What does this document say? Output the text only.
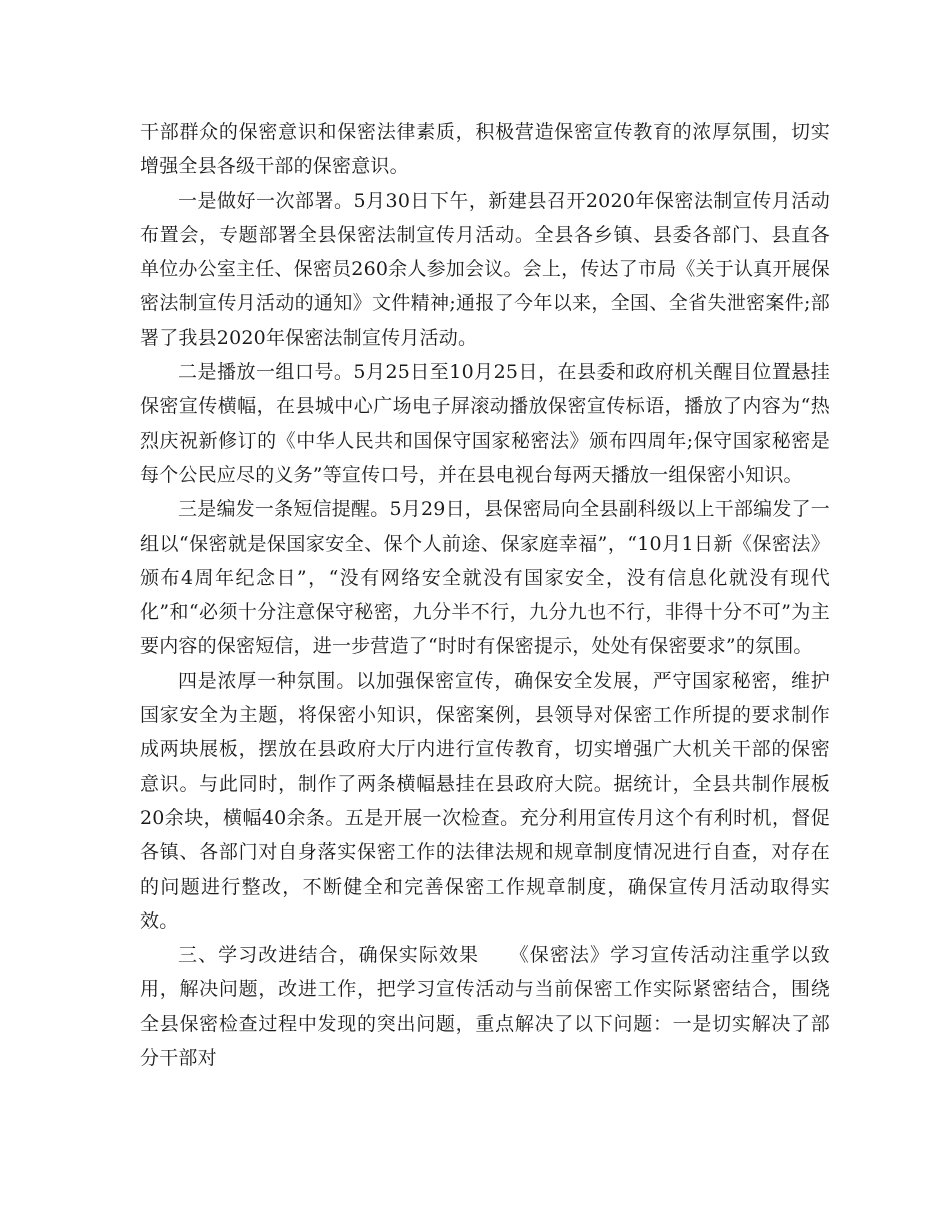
干部群众的保密意识和保密法律素质，积极营造保密宣传教育的浓厚氛围，切实增强全县各级干部的保密意识。

一是做好一次部署。5月30日下午，新建县召开2020年保密法制宣传月活动布置会，专题部署全县保密法制宣传月活动。全县各乡镇、县委各部门、县直各单位办公室主任、保密员260余人参加会议。会上，传达了市局《关于认真开展保密法制宣传月活动的通知》文件精神;通报了今年以来，全国、全省失泄密案件;部署了我县2020年保密法制宣传月活动。

二是播放一组口号。5月25日至10月25日，在县委和政府机关醒目位置悬挂保密宣传横幅，在县城中心广场电子屏滚动播放保密宣传标语，播放了内容为“热烈庆祝新修订的《中华人民共和国保守国家秘密法》颁布四周年;保守国家秘密是每个公民应尽的义务”等宣传口号，并在县电视台每两天播放一组保密小知识。

三是编发一条短信提醒。5月29日，县保密局向全县副科级以上干部编发了一组以“保密就是保国家安全、保个人前途、保家庭幸福”，“10月1日新《保密法》颁布4周年纪念日”，“没有网络安全就没有国家安全，没有信息化就没有现代化”和“必须十分注意保守秘密，九分半不行，九分九也不行，非得十分不可”为主要内容的保密短信，进一步营造了“时时有保密提示，处处有保密要求”的氛围。

四是浓厚一种氛围。以加强保密宣传，确保安全发展，严守国家秘密，维护国家安全为主题，将保密小知识，保密案例，县领导对保密工作所提的要求制作成两块展板，摆放在县政府大厅内进行宣传教育，切实增强广大机关干部的保密意识。与此同时，制作了两条横幅悬挂在县政府大院。据统计，全县共制作展板20余块，横幅40余条。五是开展一次检查。充分利用宣传月这个有利时机，督促各镇、各部门对自身落实保密工作的法律法规和规章制度情况进行自查，对存在的问题进行整改，不断健全和完善保密工作规章制度，确保宣传月活动取得实效。

三、学习改进结合，确保实际效果　　《保密法》学习宣传活动注重学以致用，解决问题，改进工作，把学习宣传活动与当前保密工作实际紧密结合，围绕全县保密检查过程中发现的突出问题，重点解决了以下问题：一是切实解决了部分干部对
